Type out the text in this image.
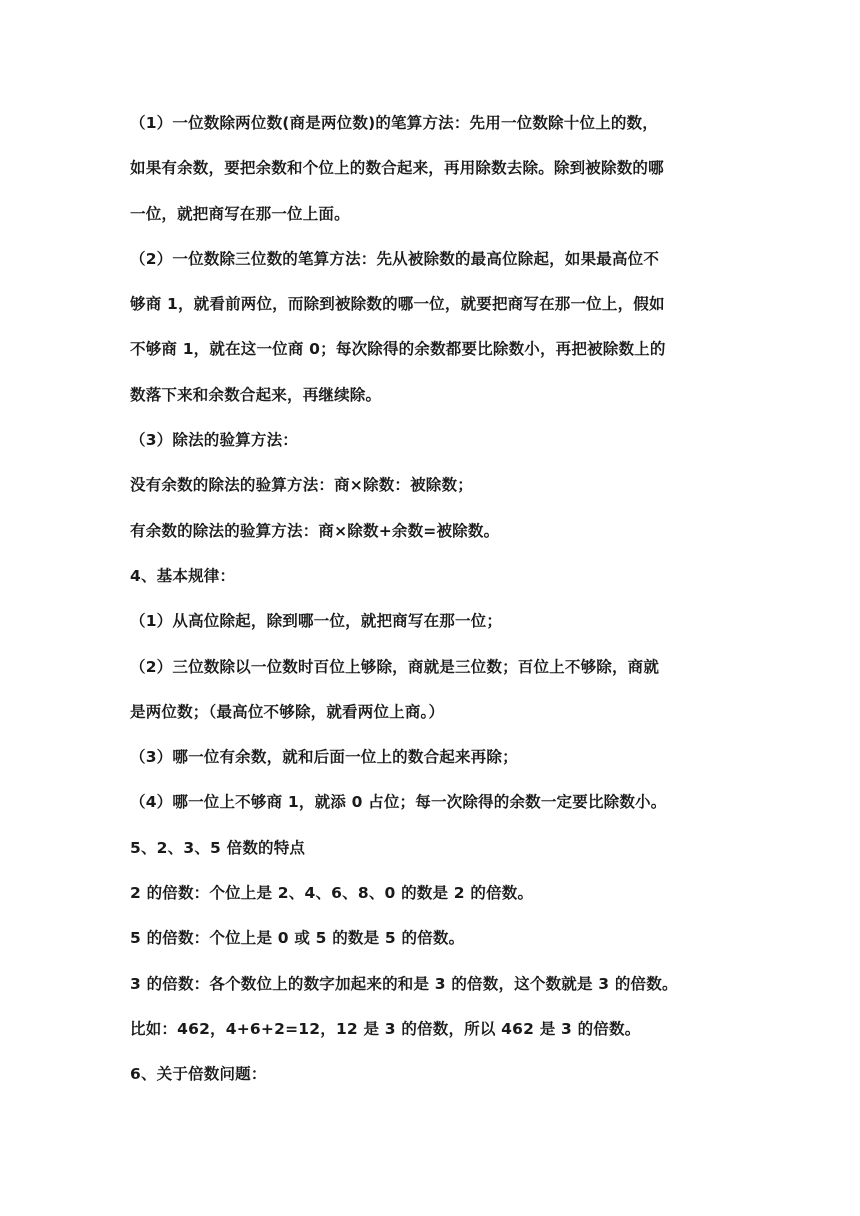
（1）一位数除两位数(商是两位数)的笔算方法：先用一位数除十位上的数，
如果有余数，要把余数和个位上的数合起来，再用除数去除。除到被除数的哪
一位，就把商写在那一位上面。
（2）一位数除三位数的笔算方法：先从被除数的最高位除起，如果最高位不
够商 1，就看前两位，而除到被除数的哪一位，就要把商写在那一位上，假如
不够商 1，就在这一位商 0；每次除得的余数都要比除数小，再把被除数上的
数落下来和余数合起来，再继续除。
（3）除法的验算方法：
没有余数的除法的验算方法：商×除数：被除数；
有余数的除法的验算方法：商×除数+余数=被除数。
4、基本规律：
（1）从高位除起，除到哪一位，就把商写在那一位；
（2）三位数除以一位数时百位上够除，商就是三位数；百位上不够除，商就
是两位数；（最高位不够除，就看两位上商。）
（3）哪一位有余数，就和后面一位上的数合起来再除；
（4）哪一位上不够商 1，就添 0 占位；每一次除得的余数一定要比除数小。
5、2、3、5 倍数的特点
2 的倍数：个位上是 2、4、6、8、0 的数是 2 的倍数。
5 的倍数：个位上是 0 或 5 的数是 5 的倍数。
3 的倍数：各个数位上的数字加起来的和是 3 的倍数，这个数就是 3 的倍数。
比如：462，4+6+2=12，12 是 3 的倍数，所以 462 是 3 的倍数。
6、关于倍数问题：
